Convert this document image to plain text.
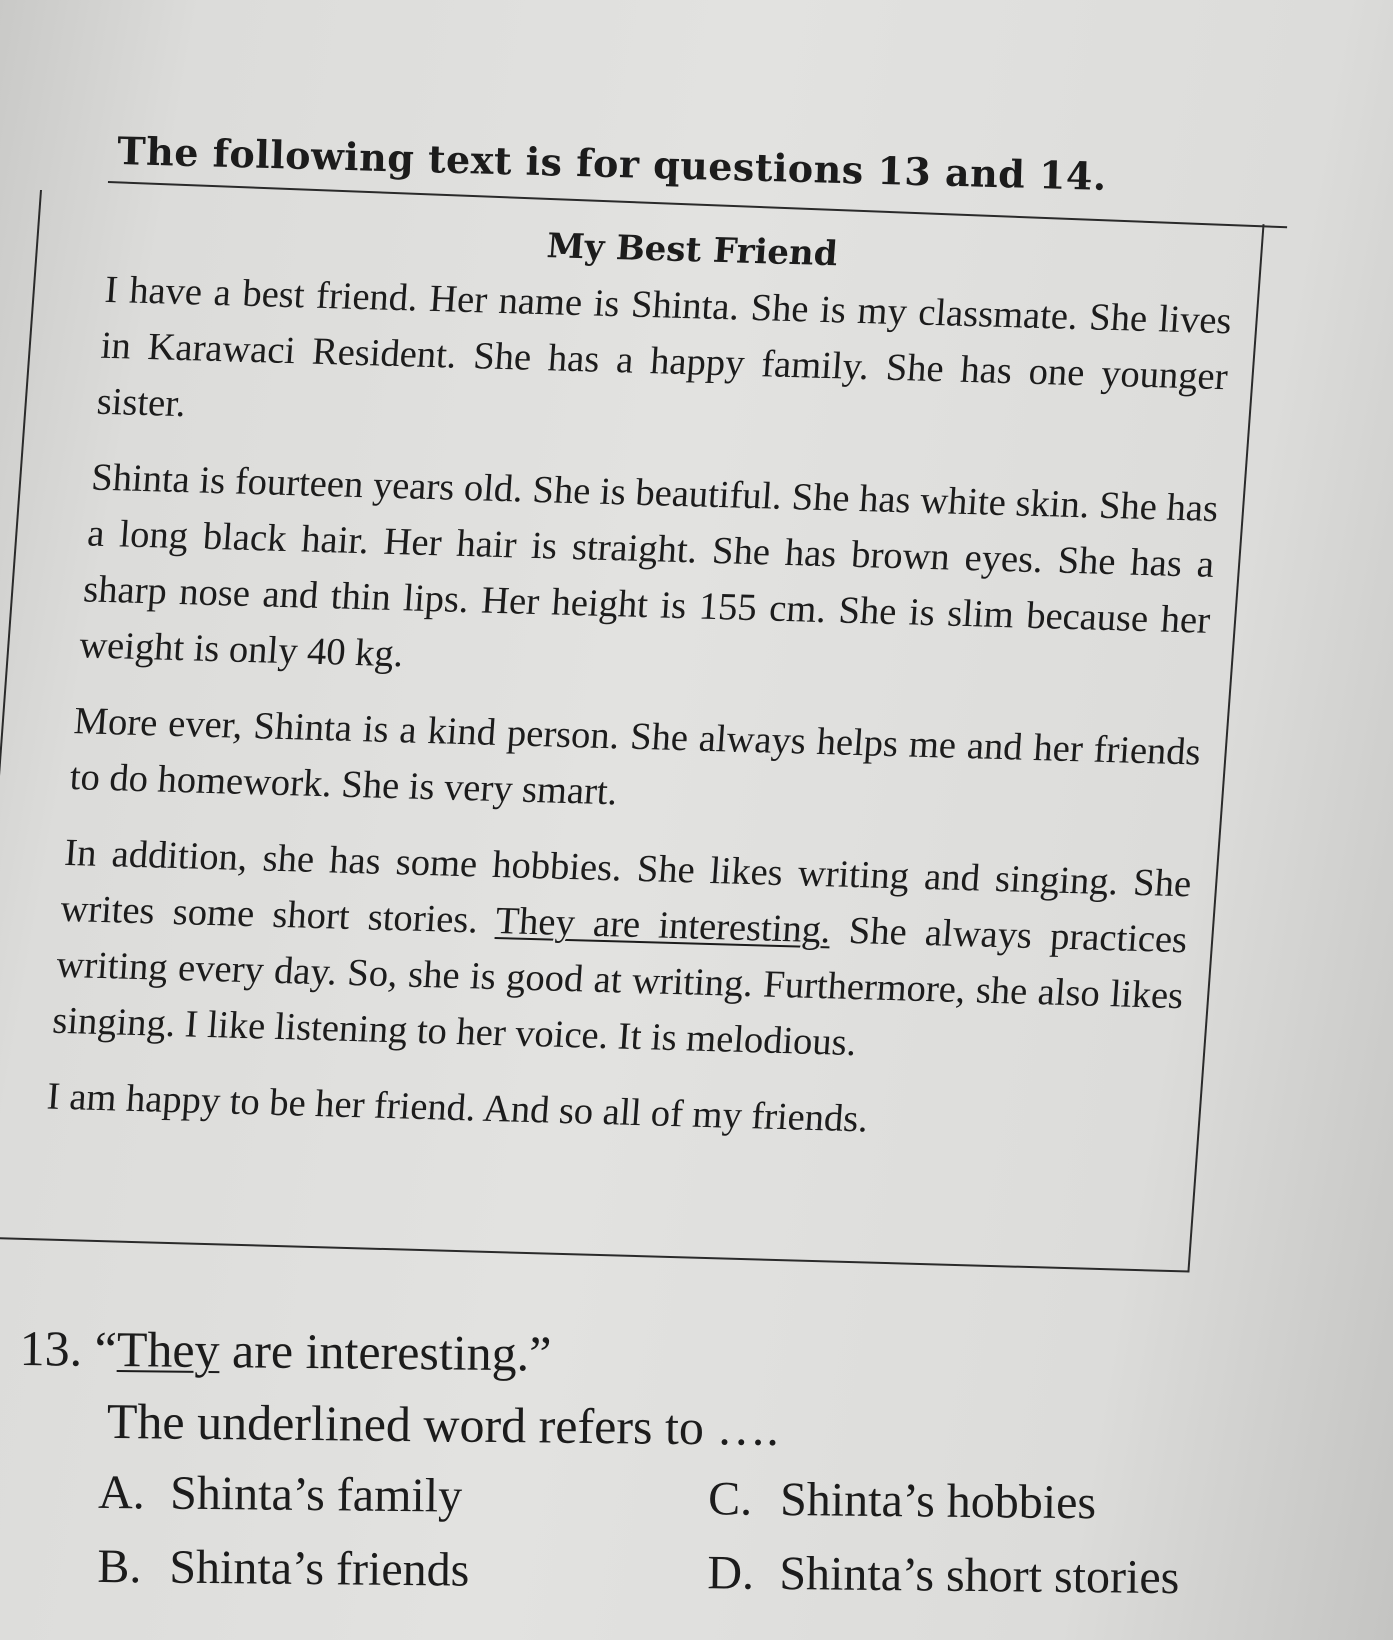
The following text is for questions 13 and 14.
My Best Friend

I have a best friend. Her name is Shinta. She is my classmate. She lives in Karawaci Resident. She has a happy family. She has one younger sister.

Shinta is fourteen years old. She is beautiful. She has white skin. She has a long black hair. Her hair is straight. She has brown eyes. She has a sharp nose and thin lips. Her height is 155 cm. She is slim because her weight is only 40 kg.

More ever, Shinta is a kind person. She always helps me and her friends to do homework. She is very smart.

In addition, she has some hobbies. She likes writing and singing. She writes some short stories. They are interesting. She always practices writing every day. So, she is good at writing. Furthermore, she also likes singing. I like listening to her voice. It is melodious.

I am happy to be her friend. And so all of my friends.

13. “They are interesting.”
The underlined word refers to ….
A. Shinta’s family	C. Shinta’s hobbies
B. Shinta’s friends	D. Shinta’s short stories
